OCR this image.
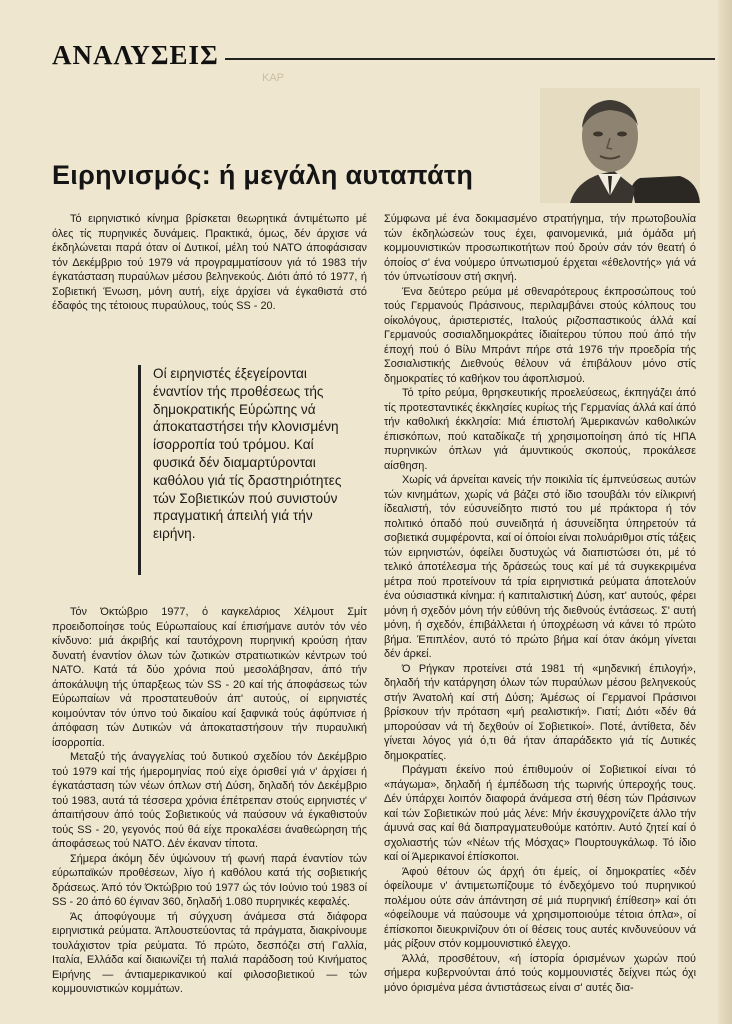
ΑΝΑΛΥΣΕΙΣ
ΚΑΡ
Ειρηνισμός: ή μεγάλη αυταπάτη

Τό ειρηνιστικό κίνημα βρίσκεται θεωρητικά άντιμέτωπο μέ όλες τίς πυρηνικές δυνάμεις. Πρακτικά, όμως, δέν άρχισε νά έκδηλώνεται παρά όταν οί Δυτικοί, μέλη τού ΝΑΤΟ άποφάσισαν τόν Δεκέμβριο τού 1979 νά προγραμματίσουν γιά τό 1983 τήν έγκατάσταση πυραύλων μέσου βεληνεκούς. Διότι άπό τό 1977, ή Σοβιετική Ένωση, μόνη αυτή, είχε άρχίσει νά έγκαθιστά στό έδαφός της τέτοιους πυραύλους, τούς SS - 20.

Οί ειρηνιστές έξεγείρονται έναντίον τής προθέσεως τής δημοκρατικής Εύρώπης νά άποκαταστήσει τήν κλονισμένη ίσορροπία τού τρόμου. Καί φυσικά δέν διαμαρτύρονται καθόλου γιά τίς δραστηριότητες τών Σοβιετικών πού συνιστούν πραγματική άπειλή γιά τήν ειρήνη.

Τόν Όκτώβριο 1977, ό καγκελάριος Χέλμουτ Σμίτ προειδοποίησε τούς Εύρωπαίους καί έπισήμανε αυτόν τόν νέο κίνδυνο: μιά άκριβής καί ταυτόχρονη πυρηνική κρούση ήταν δυνατή έναντίον όλων τών ζωτικών στρατιωτικών κέντρων τού ΝΑΤΟ. Κατά τά δύο χρόνια πού μεσολάβησαν, άπό τήν άποκάλυψη τής ύπαρξεως τών SS - 20 καί τής άποφάσεως τών Εύρωπαίων νά προστατευθούν άπ' αυτούς, οί ειρηνιστές κοιμούνταν τόν ύπνο τού δικαίου καί ξαφνικά τούς άφύπνισε ή άπόφαση τών Δυτικών νά άποκαταστήσουν τήν πυραυλική ίσορροπία.

Μεταξύ τής άναγγελίας τού δυτικού σχεδίου τόν Δεκέμβριο τού 1979 καί τής ήμερομηνίας πού είχε όρισθεί γιά ν' άρχίσει ή έγκατάσταση τών νέων όπλων στή Δύση, δηλαδή τόν Δεκέμβριο τού 1983, αυτά τά τέσσερα χρόνια έπέτρεπαν στούς ειρηνιστές ν' άπαιτήσουν άπό τούς Σοβιετικούς νά παύσουν νά έγκαθιστούν τούς SS - 20, γεγονός πού θά είχε προκαλέσει άναθεώρηση τής άποφάσεως τού ΝΑΤΟ. Δέν έκαναν τίποτα.

Σήμερα άκόμη δέν ύψώνουν τή φωνή παρά έναντίον τών εύρωπαϊκών προθέσεων, λίγο ή καθόλου κατά τής σοβιετικής δράσεως. Άπό τόν Όκτώβριο τού 1977 ώς τόν Ιούνιο τού 1983 οί SS - 20 άπό 60 έγιναν 360, δηλαδή 1.080 πυρηνικές κεφαλές.

Άς άποφύγουμε τή σύγχυση άνάμεσα στά διάφορα ειρηνιστικά ρεύματα. Άπλουστεύοντας τά πράγματα, διακρίνουμε τουλάχιστον τρία ρεύματα. Τό πρώτο, δεσπόζει στή Γαλλία, Ιταλία, Ελλάδα καί διαιωνίζει τή παλιά παράδοση τού Κινήματος Ειρήνης — άντιαμερικανικού καί φιλοσοβιετικού — τών κομμουνιστικών κομμάτων.

Σύμφωνα μέ ένα δοκιμασμένο στρατήγημα, τήν πρωτοβουλία τών έκδηλώσεών τους έχει, φαινομενικά, μιά όμάδα μή κομμουνιστικών προσωπικοτήτων πού δρούν σάν τόν θεατή ό όποίος σ' ένα νούμερο ύπνωτισμού έρχεται «έθελοντής» γιά νά τόν ύπνωτίσουν στή σκηνή.

Ένα δεύτερο ρεύμα μέ σθεναρότερους έκπροσώπους τού τούς Γερμανούς Πράσινους, περιλαμβάνει στούς κόλπους του οίκολόγους, άριστεριστές, Ιταλούς ριζοσπαστικούς άλλά καί Γερμανούς σοσιαλδημοκράτες ίδιαίτερου τύπου πού άπό τήν έποχή πού ό Βίλυ Μπράντ πήρε στά 1976 τήν προεδρία τής Σοσιαλιστικής Διεθνούς θέλουν νά έπιβάλουν μόνο στίς δημοκρατίες τό καθήκον του άφοπλισμού.

Τό τρίτο ρεύμα, θρησκευτικής προελεύσεως, έκπηγάζει άπό τίς προτεσταντικές έκκλησίες κυρίως τής Γερμανίας άλλά καί άπό τήν καθολική έκκλησία: Μιά έπιστολή Άμερικανών καθολικών έπισκόπων, πού καταδίκαζε τή χρησιμοποίηση άπό τίς ΗΠΑ πυρηνικών όπλων γιά άμυντικούς σκοπούς, προκάλεσε αίσθηση.

Χωρίς νά άρνείται κανείς τήν ποικιλία τίς έμπνεύσεως αυτών τών κινημάτων, χωρίς νά βάζει στό ίδιο τσουβάλι τόν είλικρινή ίδεαλιστή, τόν εύσυνείδητο πιστό του μέ πράκτορα ή τόν πολιτικό όπαδό πού συνειδητά ή άσυνείδητα ύπηρετούν τά σοβιετικά συμφέροντα, καί οί όποίοι είναι πολυάριθμοι στίς τάξεις τών ειρηνιστών, όφείλει δυστυχώς νά διαπιστώσει ότι, μέ τό τελικό άποτέλεσμα τής δράσεώς τους καί μέ τά συγκεκριμένα μέτρα πού προτείνουν τά τρία ειρηνιστικά ρεύματα άποτελούν ένα ούσιαστικά κίνημα: ή καπιταλιστική Δύση, κατ' αυτούς, φέρει μόνη ή σχεδόν μόνη τήν εύθύνη τής διεθνούς έντάσεως. Σ' αυτή μόνη, ή σχεδόν, έπιβάλλεται ή ύποχρέωση νά κάνει τό πρώτο βήμα. Έπιπλέον, αυτό τό πρώτο βήμα καί όταν άκόμη γίνεται δέν άρκεί.

Ό Ρήγκαν προτείνει στά 1981 τή «μηδενική έπιλογή», δηλαδή τήν κατάργηση όλων τών πυραύλων μέσου βεληνεκούς στήν Άνατολή καί στή Δύση; Άμέσως οί Γερμανοί Πράσινοι βρίσκουν τήν πρόταση «μή ρεαλιστική». Γιατί; Διότι «δέν θά μπορούσαν νά τή δεχθούν οί Σοβιετικοί». Ποτέ, άντίθετα, δέν γίνεται λόγος γιά ό,τι θά ήταν άπαράδεκτο γιά τίς Δυτικές δημοκρατίες.

Πράγματι έκείνο πού έπιθυμούν οί Σοβιετικοί είναι τό «πάγωμα», δηλαδή ή έμπέδωση τής τωρινής ύπεροχής τους. Δέν ύπάρχει λοιπόν διαφορά άνάμεσα στή θέση τών Πράσινων καί τών Σοβιετικών πού μάς λένε: Μήν έκσυγχρονίζετε άλλο τήν άμυνά σας καί θά διαπραγματευθούμε κατόπιν. Αυτό ζητεί καί ό σχολιαστής τών «Νέων τής Μόσχας» Πουρτουγκάλωφ. Τό ίδιο καί οί Άμερικανοί έπίσκοποι.

Άφού θέτουν ώς άρχή ότι έμείς, οί δημοκρατίες «δέν όφείλουμε ν' άντιμετωπίζουμε τό ένδεχόμενο τού πυρηνικού πολέμου ούτε σάν άπάντηση σέ μιά πυρηνική έπίθεση» καί ότι «όφείλουμε νά παύσουμε νά χρησιμοποιούμε τέτοια όπλα», οί έπίσκοποι διευκρινίζουν ότι οί θέσεις τους αυτές κινδυνεύουν νά μάς ρίξουν στόν κομμουνιστικό έλεγχο.

Άλλά, προσθέτουν, «ή ίστορία όρισμένων χωρών πού σήμερα κυβερνούνται άπό τούς κομμουνιστές δείχνει πώς όχι μόνο όρισμένα μέσα άντιστάσεως είναι σ' αυτές δια-
